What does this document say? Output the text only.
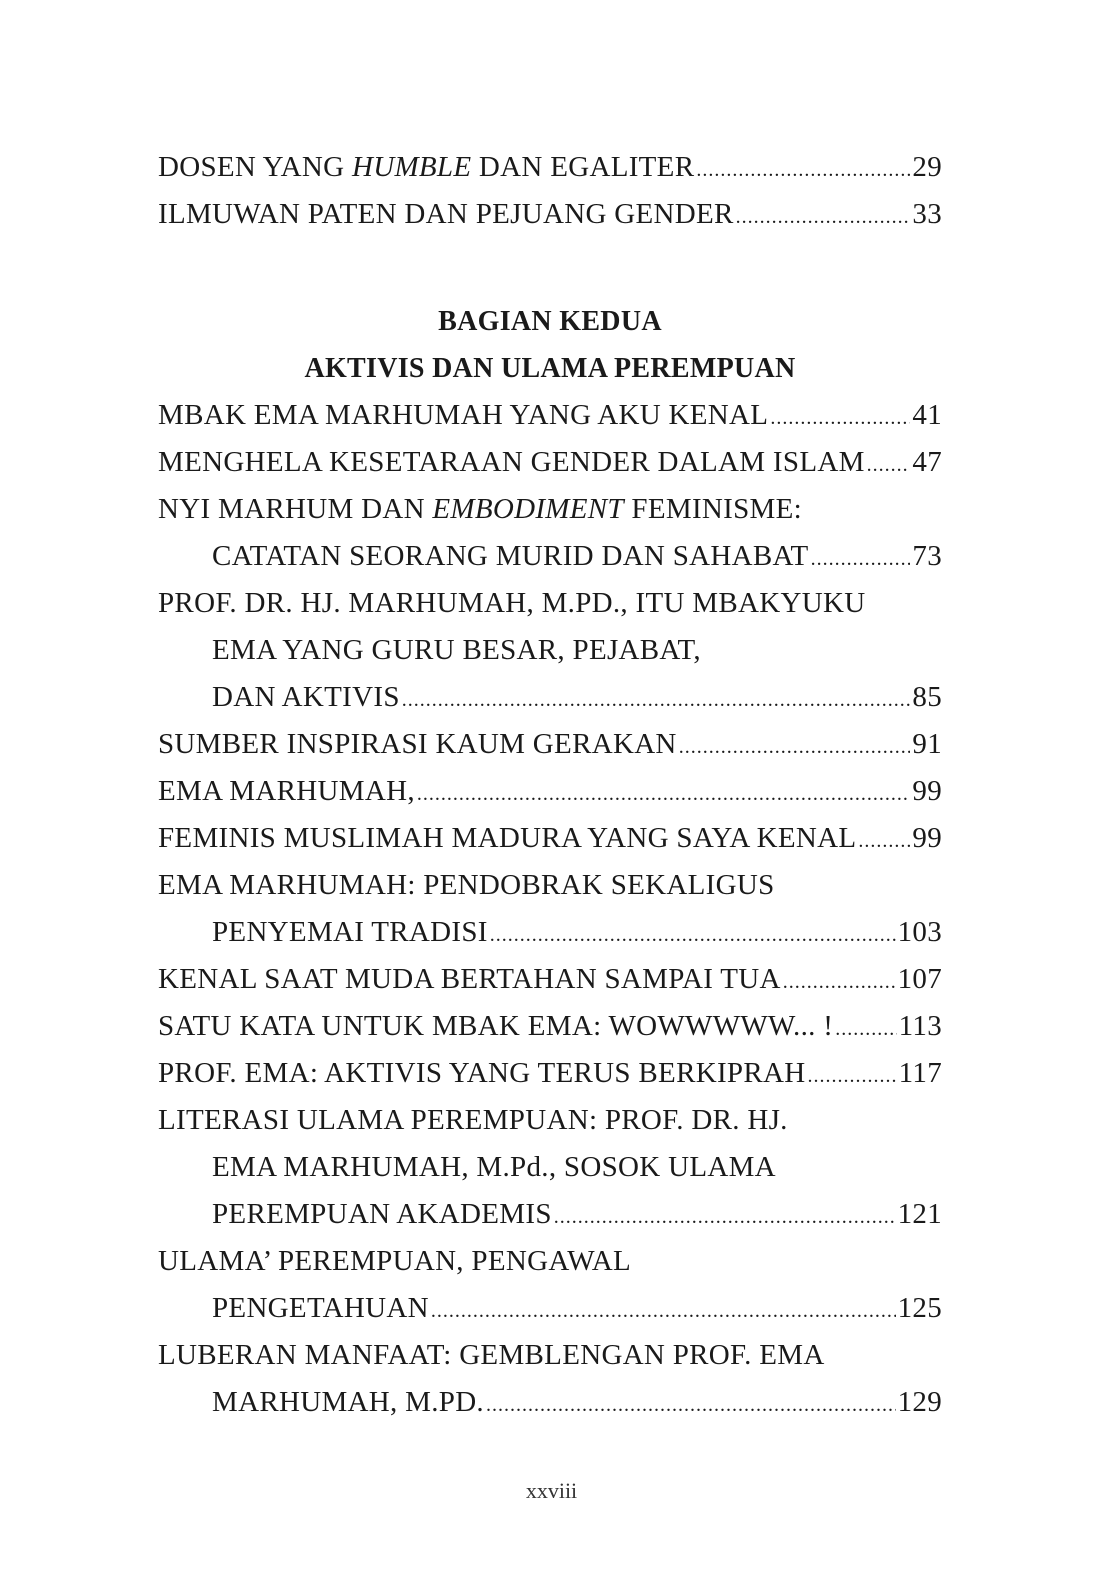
DOSEN YANG HUMBLE DAN EGALITER .....	29
ILMUWAN PATEN DAN PEJUANG GENDER .....	33
BAGIAN KEDUA
AKTIVIS DAN ULAMA PEREMPUAN
MBAK EMA MARHUMAH YANG AKU KENAL .....	41
MENGHELA KESETARAAN GENDER DALAM ISLAM ..... 47
NYI MARHUM DAN EMBODIMENT FEMINISME:
CATATAN SEORANG MURID DAN SAHABAT .....	73
PROF. DR. HJ. MARHUMAH, M.PD., ITU MBAKYUKU
EMA YANG GURU BESAR, PEJABAT,
DAN AKTIVIS .....	85
SUMBER INSPIRASI KAUM GERAKAN .....	91
EMA MARHUMAH, .....	99
FEMINIS MUSLIMAH MADURA YANG SAYA KENAL ..... 99
EMA MARHUMAH: PENDOBRAK SEKALIGUS
PENYEMAI TRADISI .....	103
KENAL SAAT MUDA BERTAHAN SAMPAI TUA .....	107
SATU KATA UNTUK MBAK EMA: WOWWWWW... ! ..... 113
PROF. EMA: AKTIVIS YANG TERUS BERKIPRAH .....	117
LITERASI ULAMA PEREMPUAN: PROF. DR. HJ.
EMA MARHUMAH, M.Pd., SOSOK ULAMA
PEREMPUAN AKADEMIS .....	121
ULAMA’ PEREMPUAN, PENGAWAL
PENGETAHUAN .....	125
LUBERAN MANFAAT: GEMBLENGAN PROF. EMA
MARHUMAH, M.PD. .....	129
xxviii
